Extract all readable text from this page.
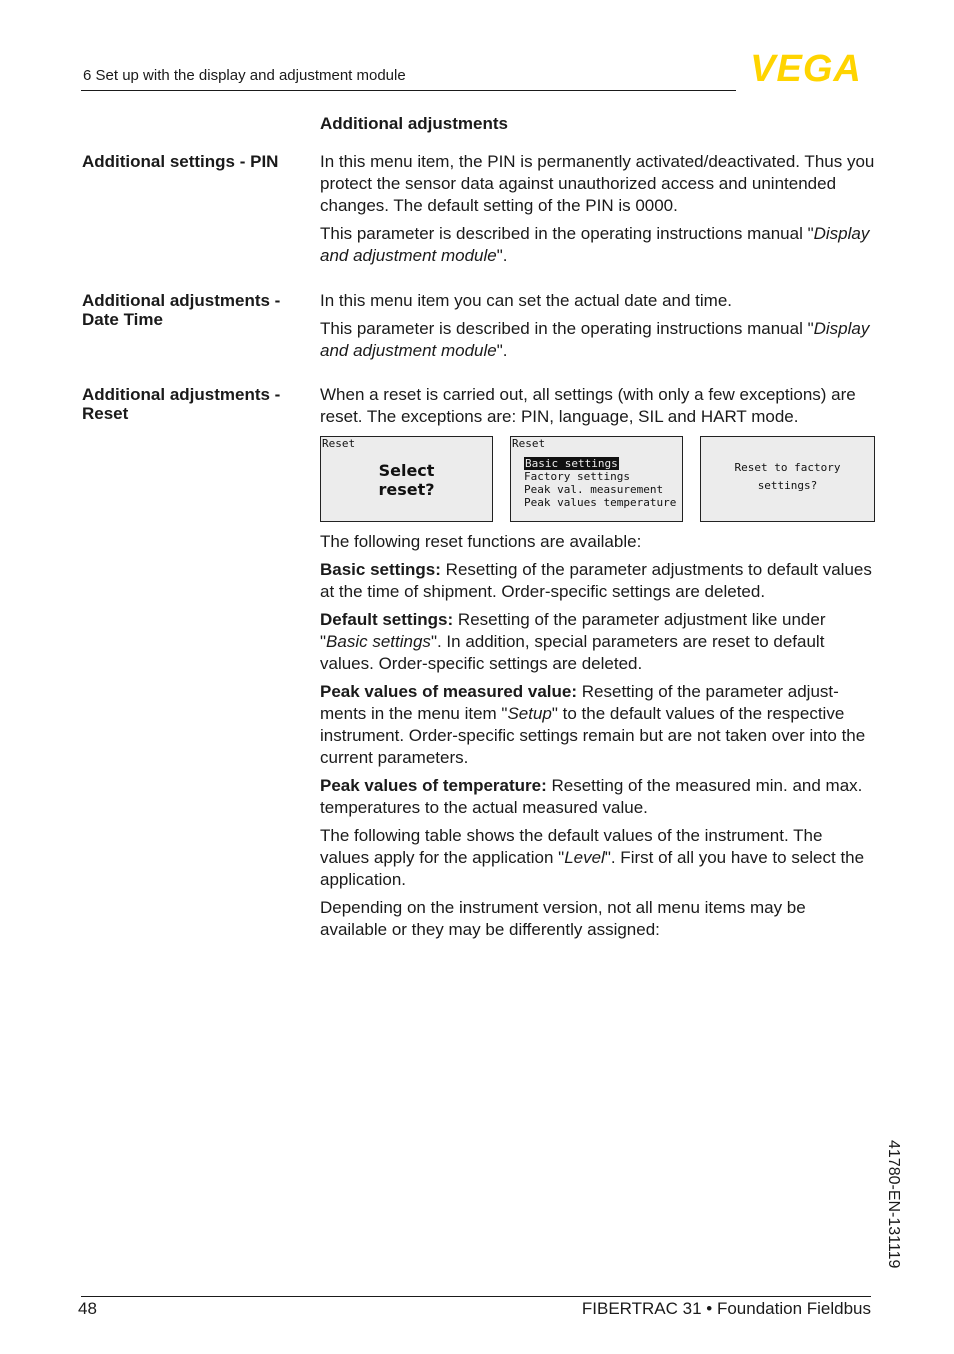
6 Set up with the display and adjustment module	VEGA
Additional adjustments
Additional settings - PIN	In this menu item, the PIN is permanently activated/deactivated. Thus you protect the sensor data against unauthorized access and unintended changes. The default setting of the PIN is 0000.

This parameter is described in the operating instructions manual "Display and adjustment module".

Additional adjustments - Date Time

In this menu item you can set the actual date and time.

This parameter is described in the operating instructions manual "Display and adjustment module".

Additional adjustments - Reset

When a reset is carried out, all settings (with only a few exceptions) are reset. The exceptions are: PIN, language, SIL and HART mode.

Reset
Select
reset?
Reset
Basic settings
Factory settings
Peak val. measurement
Peak values temperature
Reset to factory
settings?

The following reset functions are available:

Basic settings: Resetting of the parameter adjustments to default values at the time of shipment. Order-specific settings are deleted.

Default settings: Resetting of the parameter adjustment like under "Basic settings". In addition, special parameters are reset to default values. Order-specific settings are deleted.

Peak values of measured value: Resetting of the parameter adjustments in the menu item "Setup" to the default values of the respective instrument. Order-specific settings remain but are not taken over into the current parameters.

Peak values of temperature: Resetting of the measured min. and max. temperatures to the actual measured value.

The following table shows the default values of the instrument. The values apply for the application "Level". First of all you have to select the application.

Depending on the instrument version, not all menu items may be available or they may be differently assigned:

41780-EN-131119
48	FIBERTRAC 31 • Foundation Fieldbus
